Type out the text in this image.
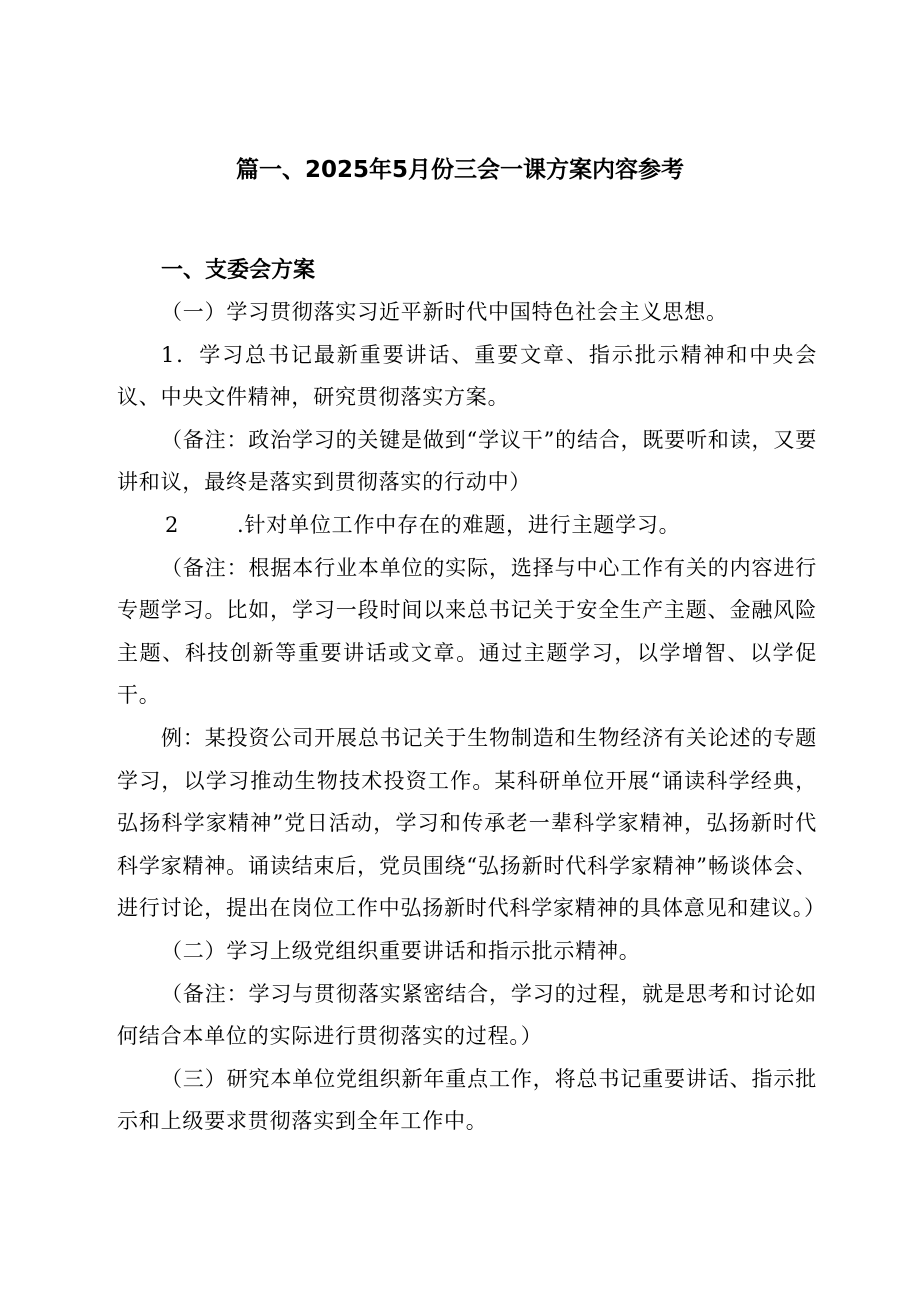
篇一、2025年5月份三会一课方案内容参考
一、支委会方案

（一）学习贯彻落实习近平新时代中国特色社会主义思想。

1．学习总书记最新重要讲话、重要文章、指示批示精神和中央会议、中央文件精神，研究贯彻落实方案。

（备注：政治学习的关键是做到“学议干”的结合，既要听和读，又要讲和议，最终是落实到贯彻落实的行动中）

2	.针对单位工作中存在的难题，进行主题学习。

（备注：根据本行业本单位的实际，选择与中心工作有关的内容进行专题学习。比如，学习一段时间以来总书记关于安全生产主题、金融风险主题、科技创新等重要讲话或文章。通过主题学习，以学增智、以学促干。

例：某投资公司开展总书记关于生物制造和生物经济有关论述的专题学习，以学习推动生物技术投资工作。某科研单位开展“诵读科学经典，弘扬科学家精神”党日活动，学习和传承老一辈科学家精神，弘扬新时代科学家精神。诵读结束后，党员围绕“弘扬新时代科学家精神”畅谈体会、进行讨论，提出在岗位工作中弘扬新时代科学家精神的具体意见和建议。）

（二）学习上级党组织重要讲话和指示批示精神。

（备注：学习与贯彻落实紧密结合，学习的过程，就是思考和讨论如何结合本单位的实际进行贯彻落实的过程。）

（三）研究本单位党组织新年重点工作，将总书记重要讲话、指示批示和上级要求贯彻落实到全年工作中。
